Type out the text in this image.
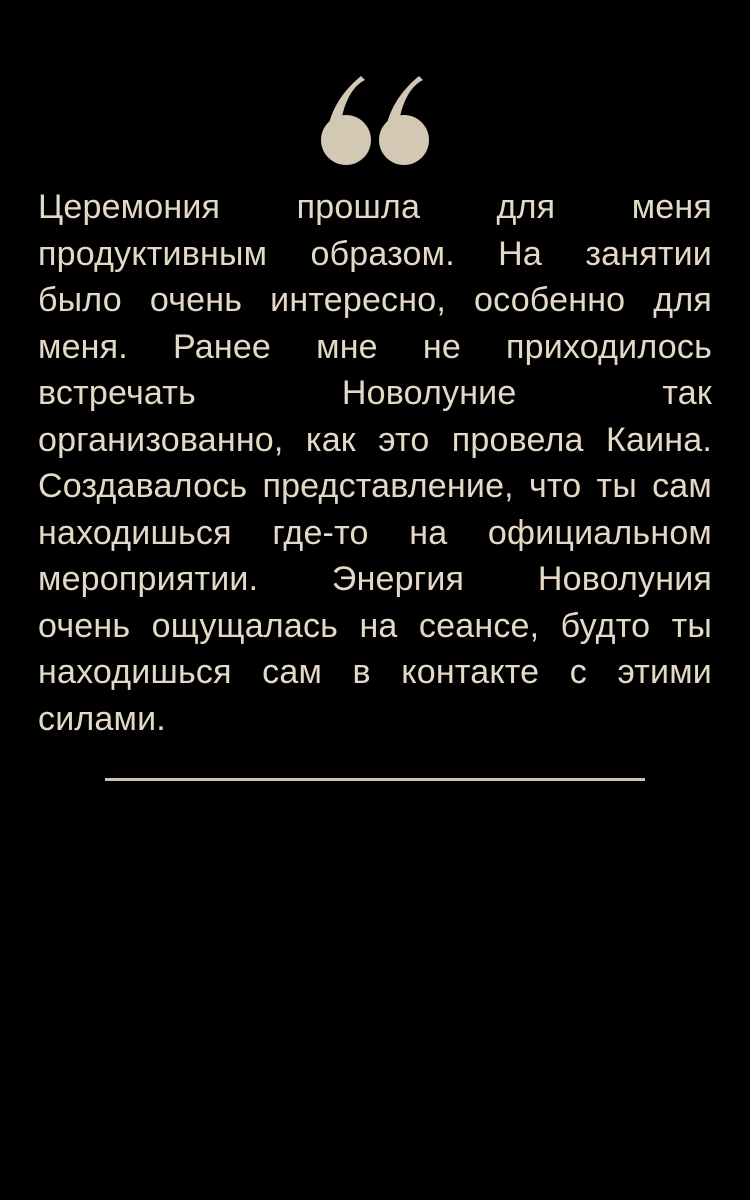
Церемония прошла для меня
продуктивным образом. На занятии
было очень интересно, особенно для
меня. Ранее мне не приходилось
встречать Новолуние так
организованно, как это провела Каина.
Создавалось представление, что ты сам
находишься где-то на официальном
мероприятии. Энергия Новолуния
очень ощущалась на сеансе, будто ты
находишься сам в контакте с этими
силами.
